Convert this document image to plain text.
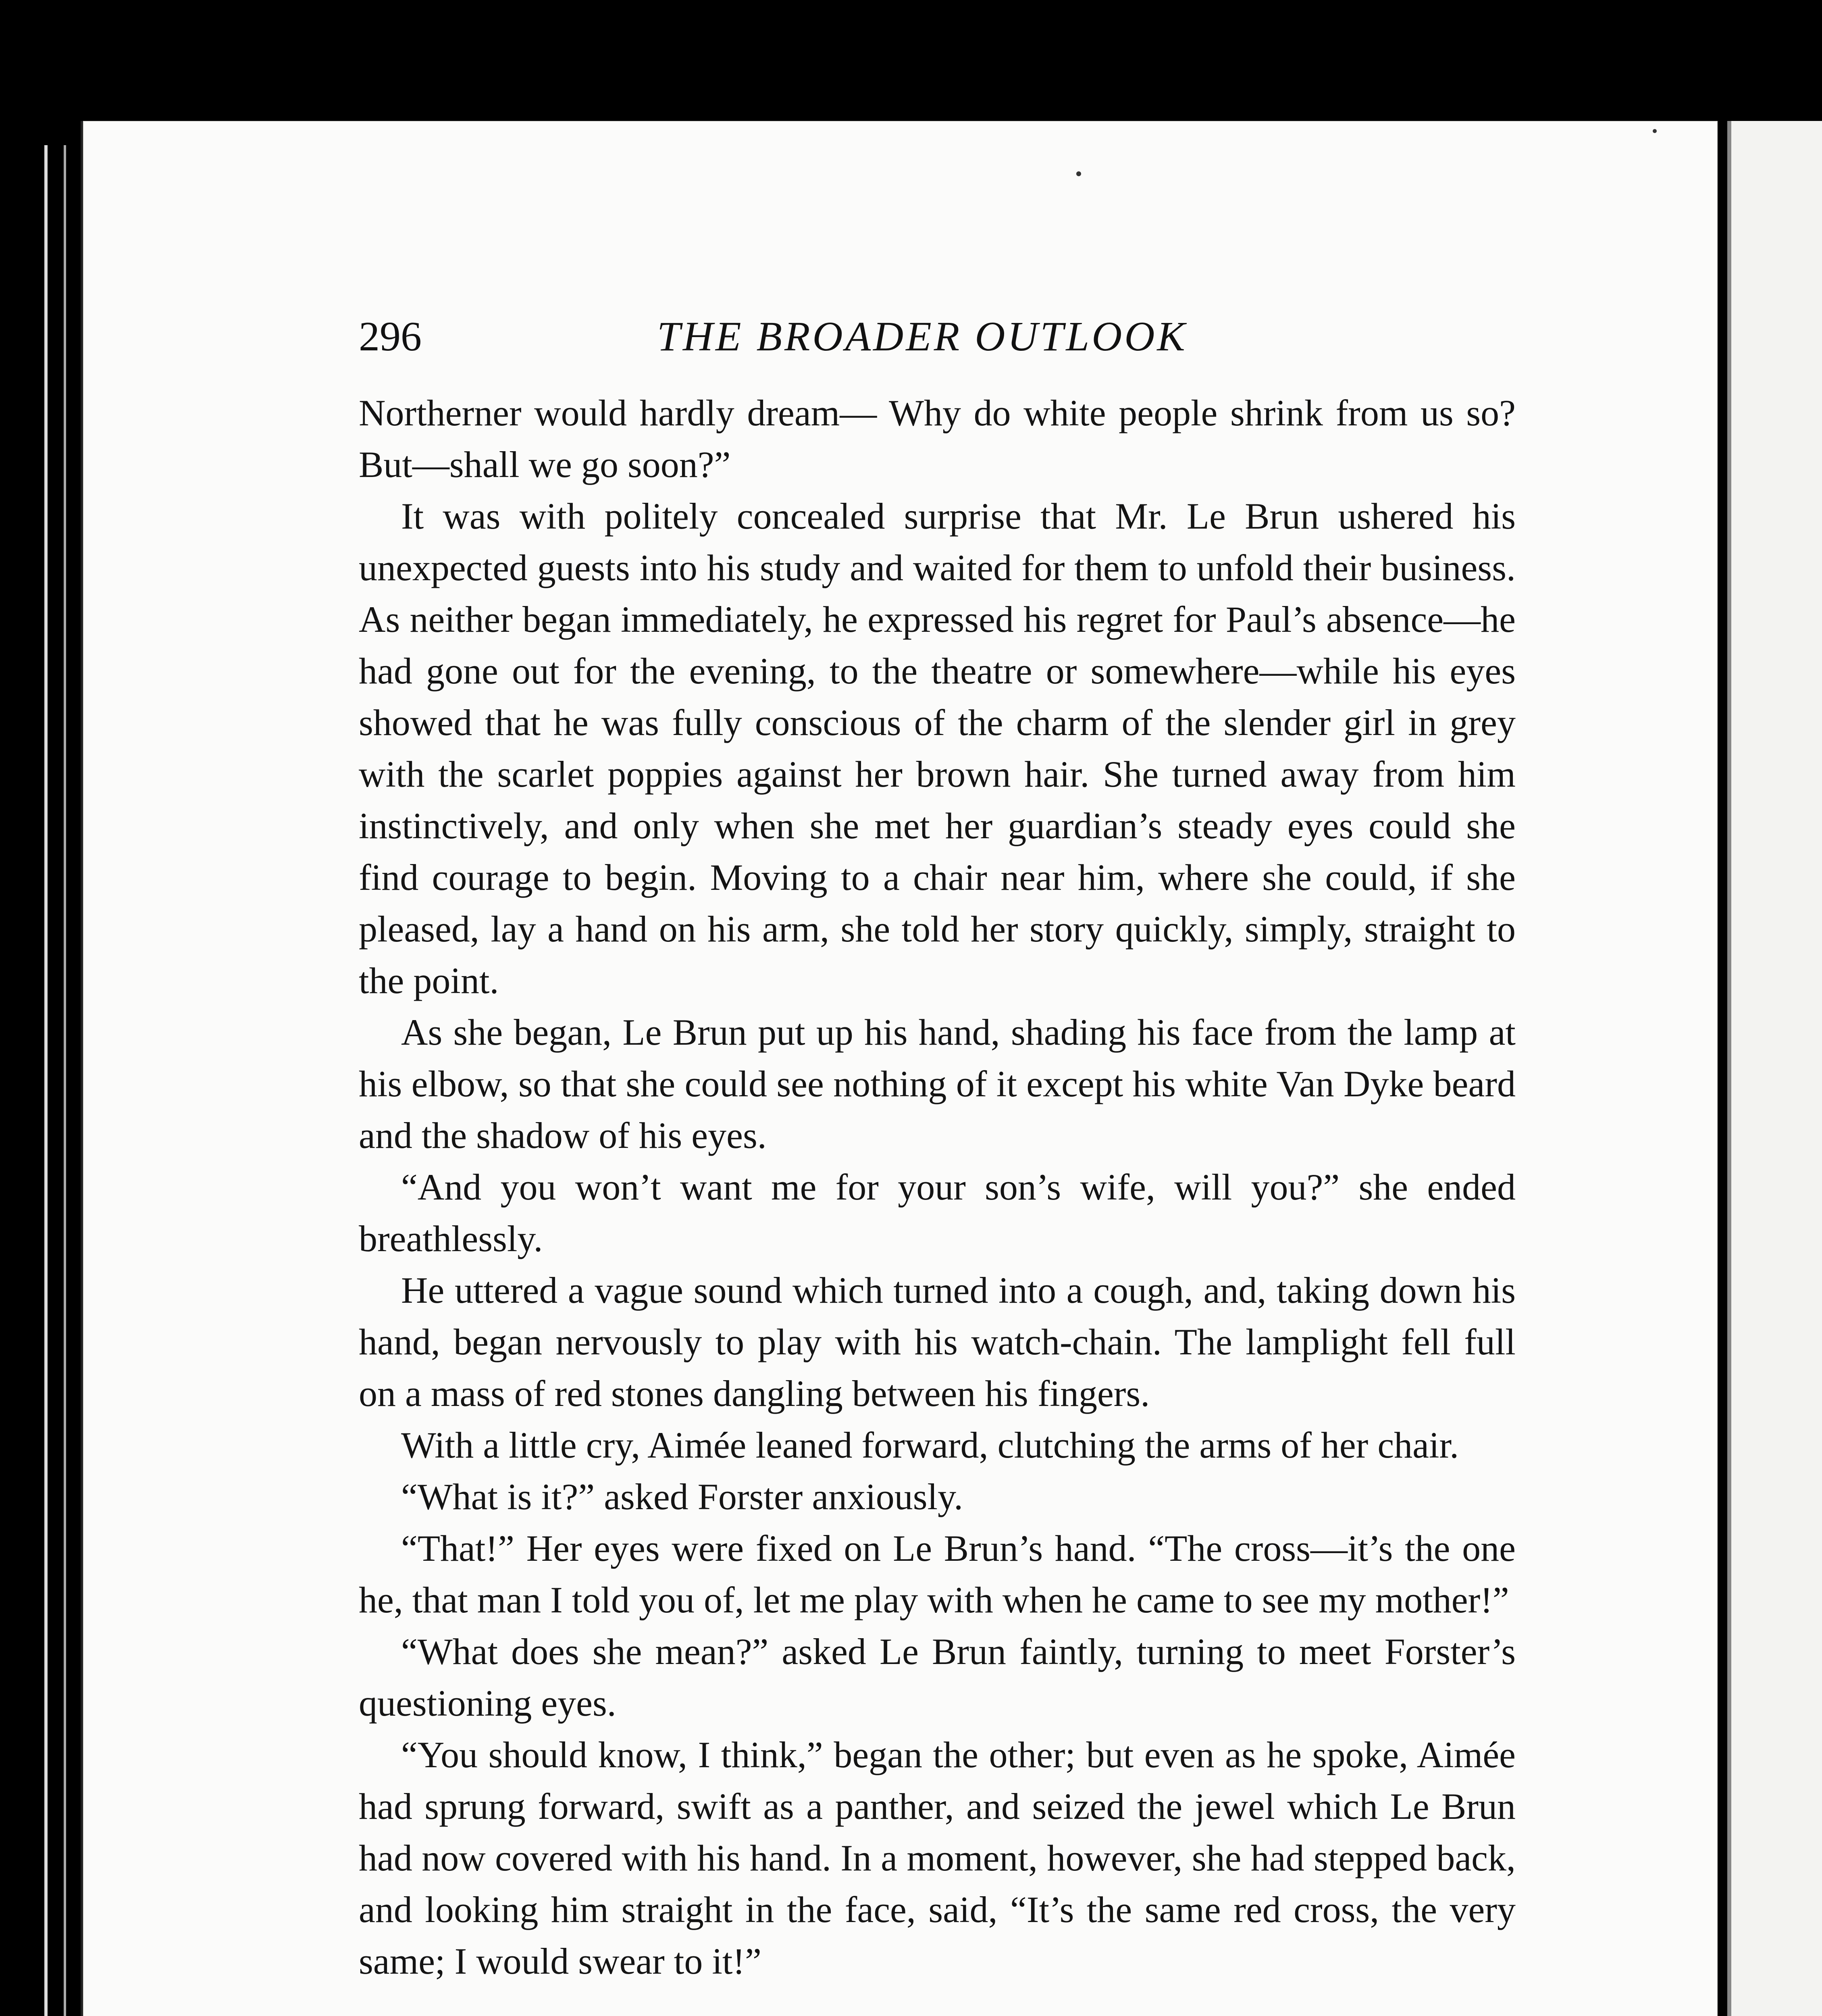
296	THE BROADER OUTLOOK

Northerner would hardly dream— Why do white people shrink from us so? But—shall we go soon?”

It was with politely concealed surprise that Mr. Le Brun ushered his unexpected guests into his study and waited for them to unfold their business. As neither began immediately, he expressed his regret for Paul’s absence—he had gone out for the evening, to the theatre or somewhere—while his eyes showed that he was fully conscious of the charm of the slender girl in grey with the scarlet poppies against her brown hair. She turned away from him instinctively, and only when she met her guardian’s steady eyes could she find courage to begin. Moving to a chair near him, where she could, if she pleased, lay a hand on his arm, she told her story quickly, simply, straight to the point.

As she began, Le Brun put up his hand, shading his face from the lamp at his elbow, so that she could see nothing of it except his white Van Dyke beard and the shadow of his eyes.

“And you won’t want me for your son’s wife, will you?” she ended breathlessly.

He uttered a vague sound which turned into a cough, and, taking down his hand, began nervously to play with his watch-chain. The lamplight fell full on a mass of red stones dangling between his fingers.

With a little cry, Aimée leaned forward, clutching the arms of her chair.

“What is it?” asked Forster anxiously.

“That!” Her eyes were fixed on Le Brun’s hand. “The cross—it’s the one he, that man I told you of, let me play with when he came to see my mother!”

“What does she mean?” asked Le Brun faintly, turning to meet Forster’s questioning eyes.

“You should know, I think,” began the other; but even as he spoke, Aimée had sprung forward, swift as a panther, and seized the jewel which Le Brun had now covered with his hand. In a moment, however, she had stepped back, and looking him straight in the face, said, “It’s the same red cross, the very same; I would swear to it!”
